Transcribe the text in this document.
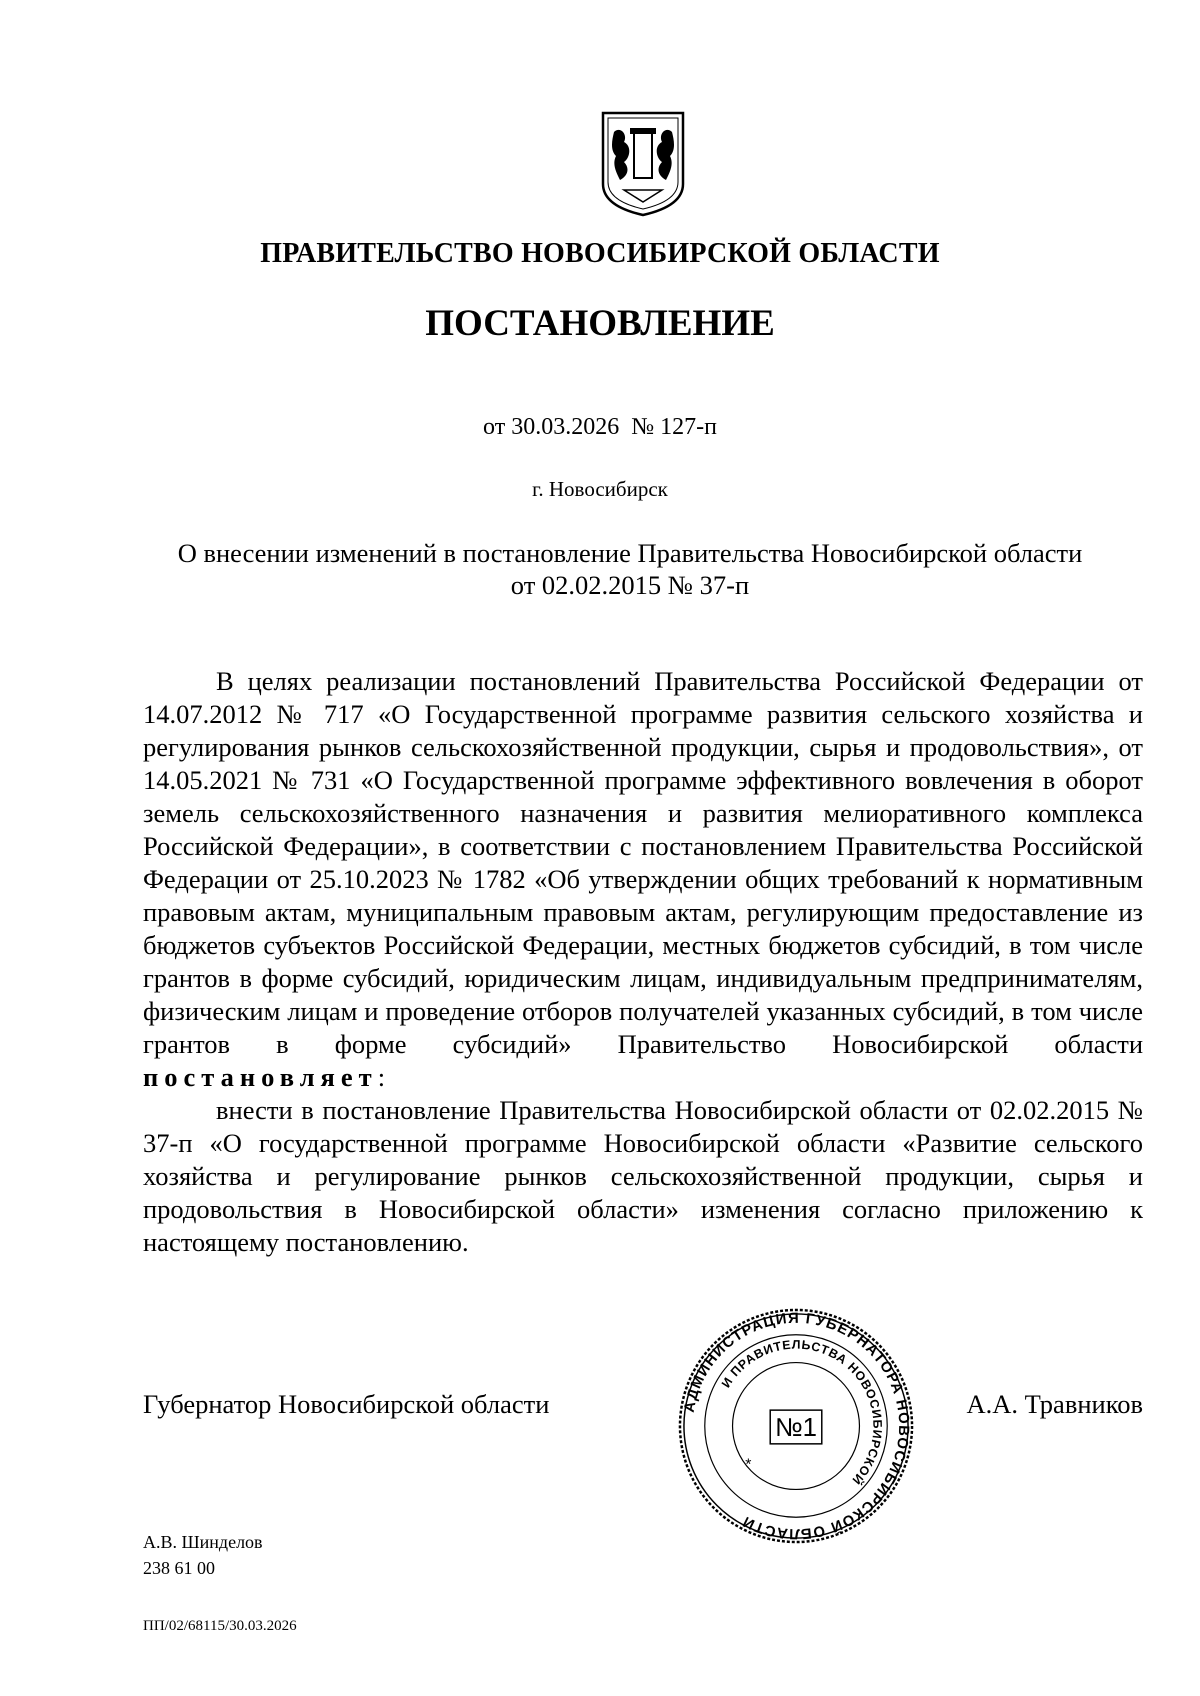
ПРАВИТЕЛЬСТВО НОВОСИБИРСКОЙ ОБЛАСТИ
ПОСТАНОВЛЕНИЕ
от 30.03.2026  № 127-п
г. Новосибирск
О внесении изменений в постановление Правительства Новосибирской области
от 02.02.2015 № 37-п

В целях реализации постановлений Правительства Российской Федерации от 14.07.2012 № 717 «О Государственной программе развития сельского хозяйства и регулирования рынков сельскохозяйственной продукции, сырья и продовольствия», от 14.05.2021 № 731 «О Государственной программе эффективного вовлечения в оборот земель сельскохозяйственного назначения и развития мелиоративного комплекса Российской Федерации», в соответствии с постановлением Правительства Российской Федерации от 25.10.2023 № 1782 «Об утверждении общих требований к нормативным правовым актам, муниципальным правовым актам, регулирующим предоставление из бюджетов субъектов Российской Федерации, местных бюджетов субсидий, в том числе грантов в форме субсидий, юридическим лицам, индивидуальным предпринимателям, физическим лицам и проведение отборов получателей указанных субсидий, в том числе грантов в форме субсидий» Правительство Новосибирской области постановляет:

внести в постановление Правительства Новосибирской области от 02.02.2015 № 37-п «О государственной программе Новосибирской области «Развитие сельского хозяйства и регулирование рынков сельскохозяйственной продукции, сырья и продовольствия в Новосибирской области» изменения согласно приложению к настоящему постановлению.

Губернатор Новосибирской области	А.А. Травников
АДМИНИСТРАЦИЯ ГУБЕРНАТОРА НОВОСИБИРСКОЙ ОБЛАСТИ
И ПРАВИТЕЛЬСТВА НОВОСИБИРСКОЙ
№1
*
А.В. Шинделов
238 61 00
ПП/02/68115/30.03.2026
